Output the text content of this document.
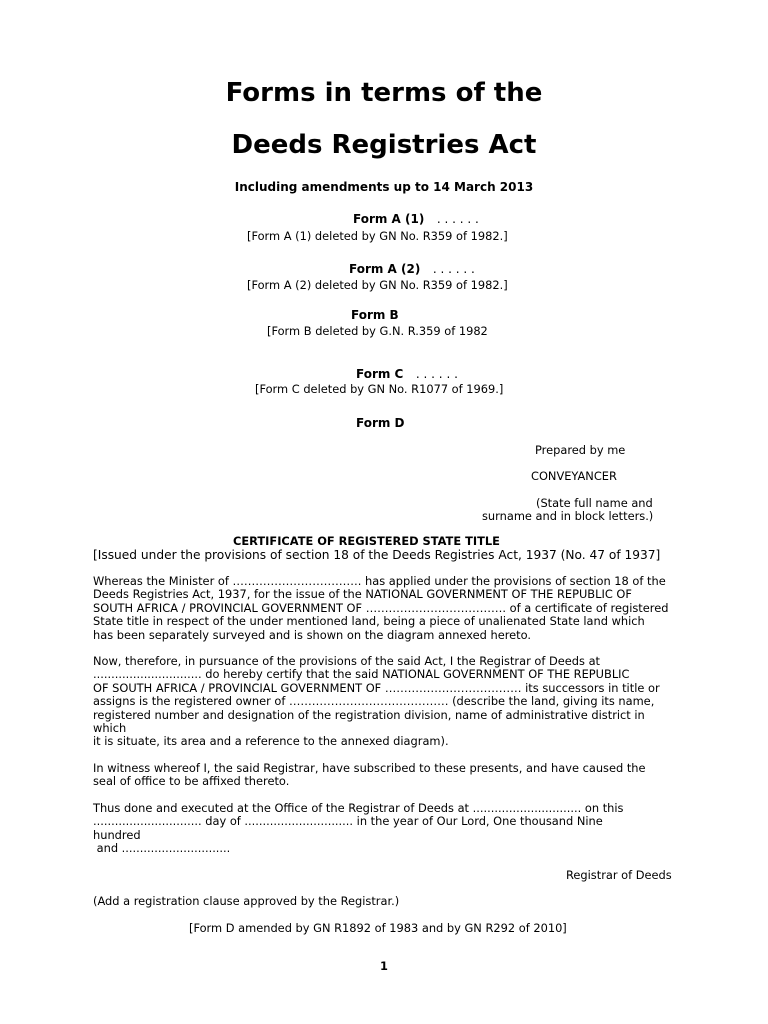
Forms in terms of the
Deeds Registries Act
Including amendments up to 14 March 2013
Form A (1) . . . . . .
[Form A (1) deleted by GN No. R359 of 1982.]
Form A (2) . . . . . .
[Form A (2) deleted by GN No. R359 of 1982.]
Form B
[Form B deleted by G.N. R.359 of 1982
Form C . . . . . .
[Form C deleted by GN No. R1077 of 1969.]
Form D
Prepared by me
CONVEYANCER
(State full name and
surname and in block letters.)
CERTIFICATE OF REGISTERED STATE TITLE
[Issued under the provisions of section 18 of the Deeds Registries Act, 1937 (No. 47 of 1937]
Whereas the Minister of ……………………………. has applied under the provisions of section 18 of the
Deeds Registries Act, 1937, for the issue of the NATIONAL GOVERNMENT OF THE REPUBLIC OF
SOUTH AFRICA / PROVINCIAL GOVERNMENT OF ………………………………. of a certificate of registered
State title in respect of the under mentioned land, being a piece of unalienated State land which
has been separately surveyed and is shown on the diagram annexed hereto.
Now, therefore, in pursuance of the provisions of the said Act, I the Registrar of Deeds at
.............................. do hereby certify that the said NATIONAL GOVERNMENT OF THE REPUBLIC
OF SOUTH AFRICA / PROVINCIAL GOVERNMENT OF ……………………………… its successors in title or
assigns is the registered owner of …………………………………… (describe the land, giving its name,
registered number and designation of the registration division, name of administrative district in
which
it is situate, its area and a reference to the annexed diagram).
In witness whereof I, the said Registrar, have subscribed to these presents, and have caused the
seal of office to be affixed thereto.
Thus done and executed at the Office of the Registrar of Deeds at .............................. on this
.............................. day of .............................. in the year of Our Lord, One thousand Nine
hundred
and ..............................
Registrar of Deeds
(Add a registration clause approved by the Registrar.)
[Form D amended by GN R1892 of 1983 and by GN R292 of 2010]
1
